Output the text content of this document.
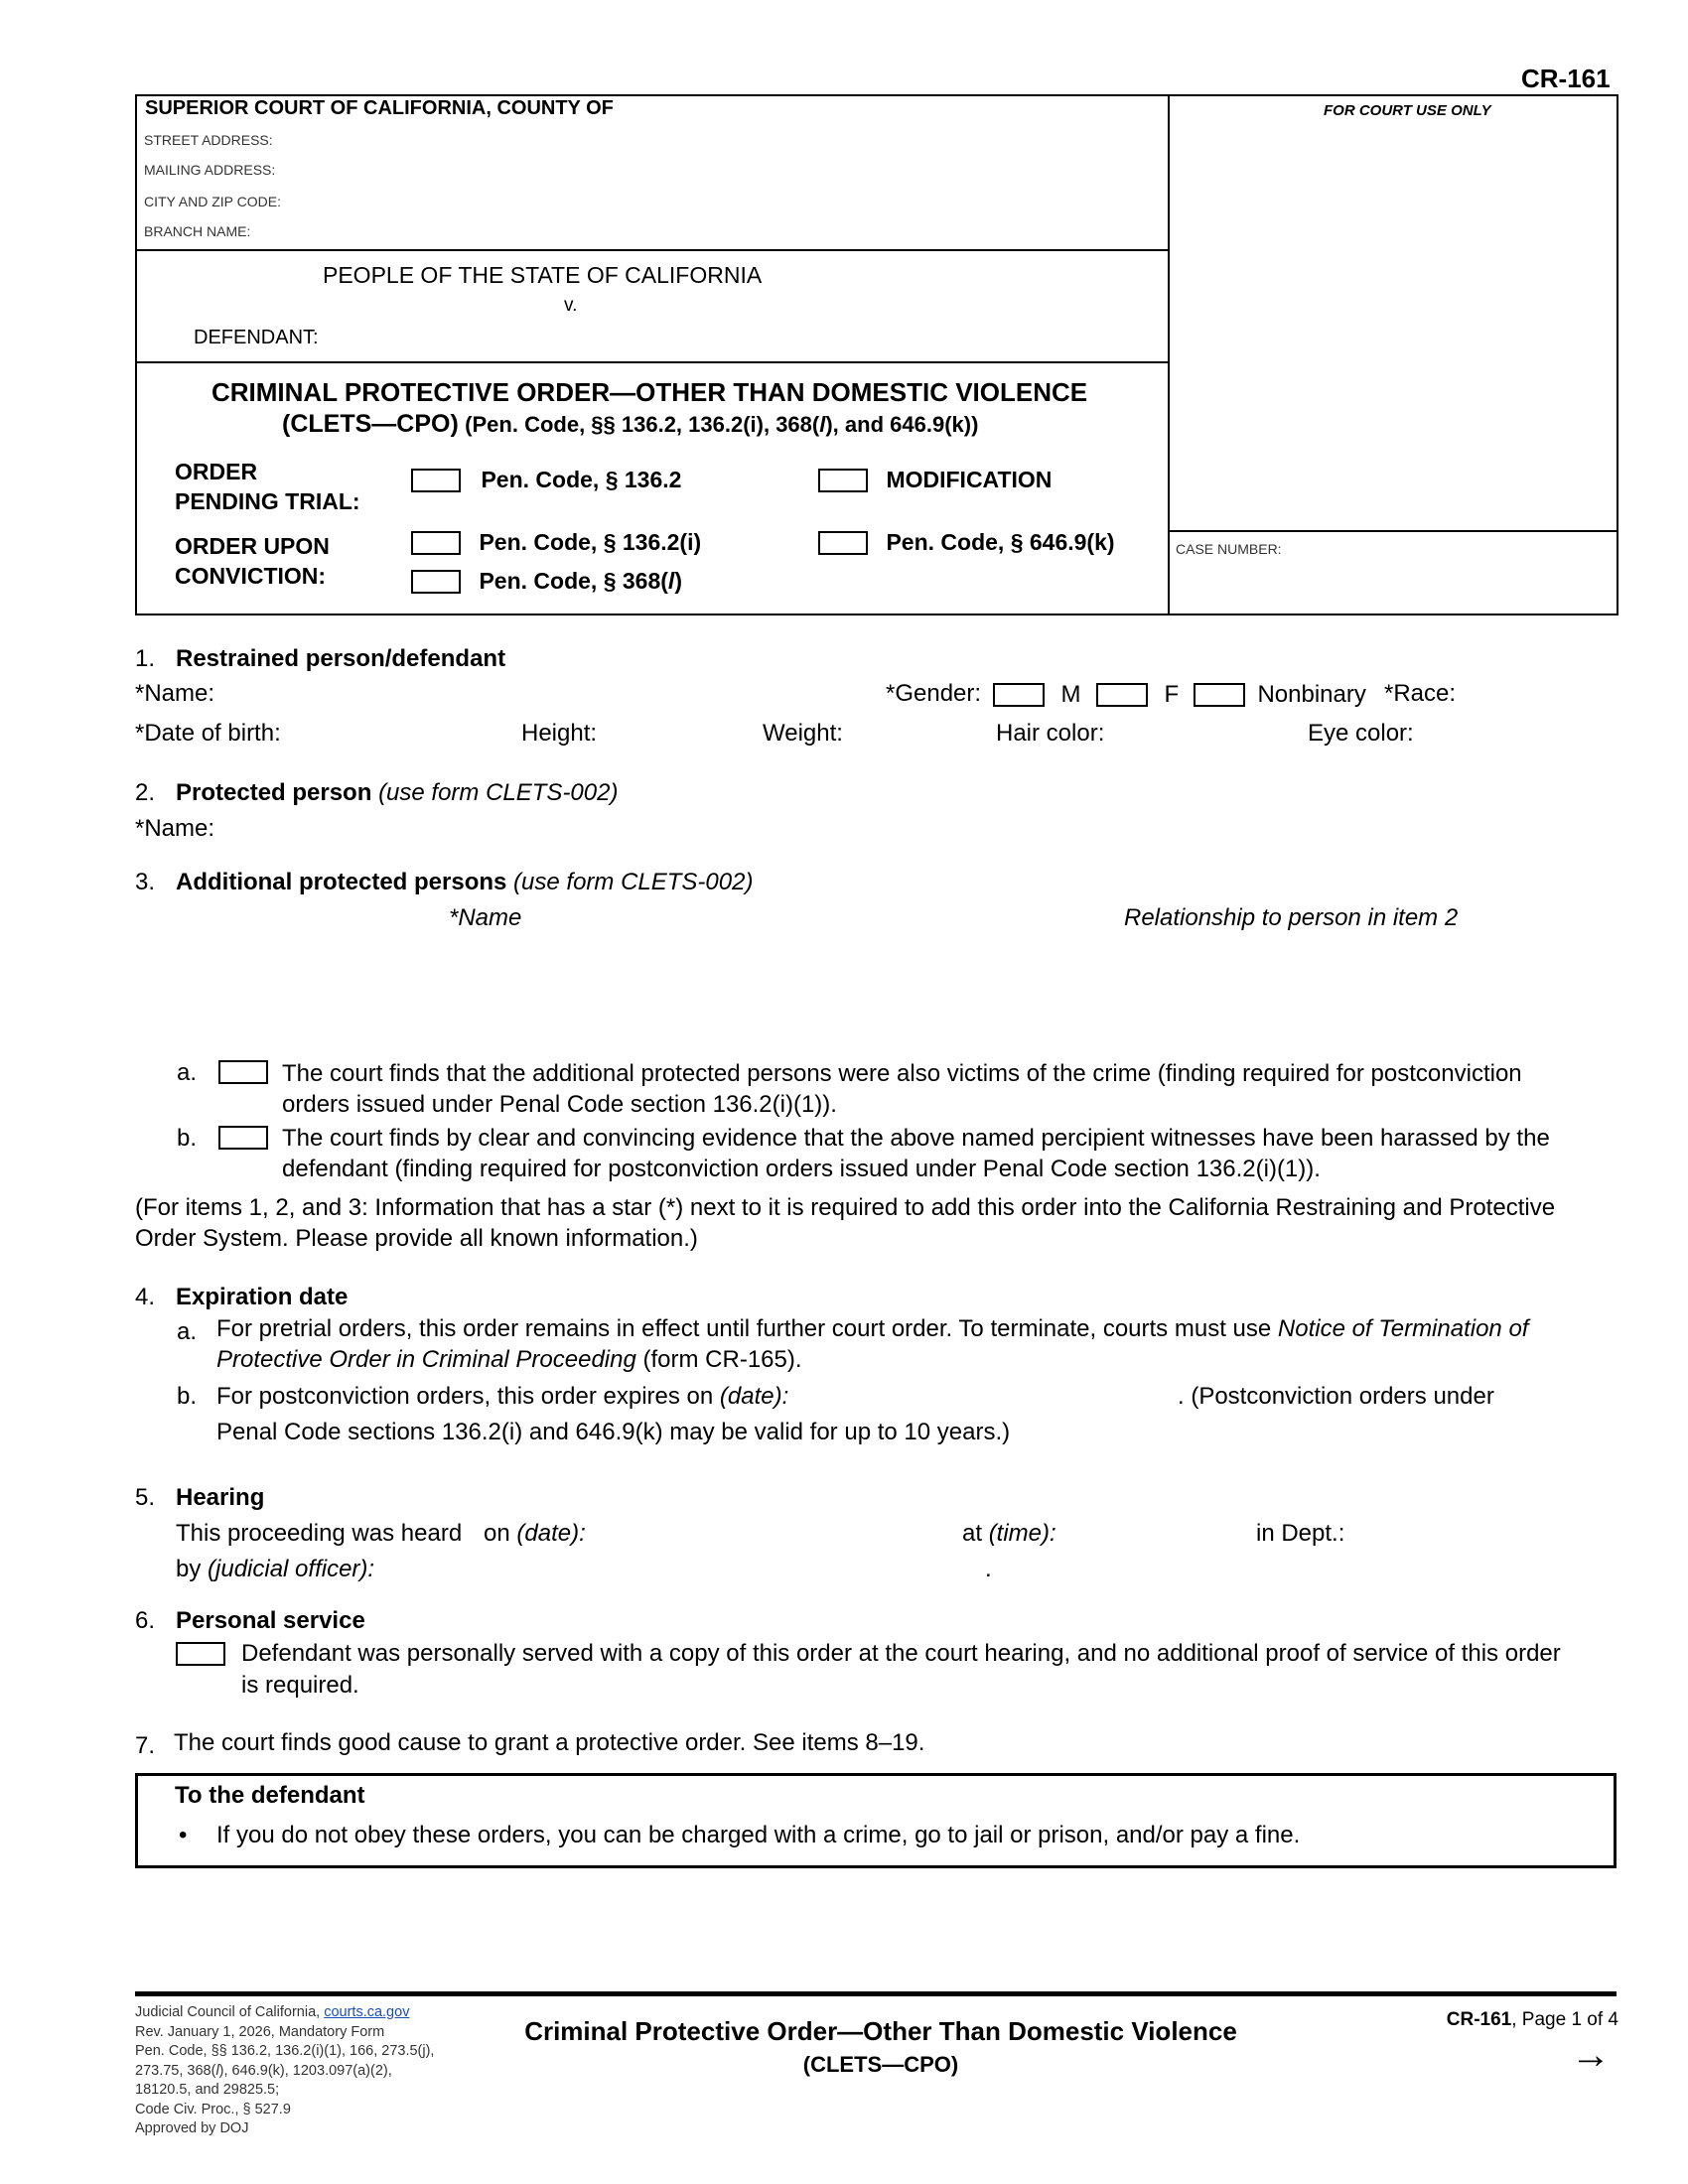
CR-161
SUPERIOR COURT OF CALIFORNIA, COUNTY OF
STREET ADDRESS:
MAILING ADDRESS:
CITY AND ZIP CODE:
BRANCH NAME:
PEOPLE OF THE STATE OF CALIFORNIA
v.
DEFENDANT:
FOR COURT USE ONLY
CASE NUMBER:
CRIMINAL PROTECTIVE ORDER—OTHER THAN DOMESTIC VIOLENCE
(CLETS—CPO) (Pen. Code, §§ 136.2, 136.2(i), 368(l), and 646.9(k))
ORDER
PENDING TRIAL:
Pen. Code, § 136.2	MODIFICATION
ORDER UPON
CONVICTION:
Pen. Code, § 136.2(i)	Pen. Code, § 646.9(k)
Pen. Code, § 368(l)
1. Restrained person/defendant
*Name:	*Gender:	M	F	Nonbinary *Race:
*Date of birth:	Height:	Weight:	Hair color:	Eye color:
2. Protected person (use form CLETS-002)
*Name:
3. Additional protected persons (use form CLETS-002)
*Name	Relationship to person in item 2
a.	The court finds that the additional protected persons were also victims of the crime (finding required for postconviction
orders issued under Penal Code section 136.2(i)(1)).
b.	The court finds by clear and convincing evidence that the above named percipient witnesses have been harassed by the
defendant (finding required for postconviction orders issued under Penal Code section 136.2(i)(1)).
(For items 1, 2, and 3: Information that has a star (*) next to it is required to add this order into the California Restraining and Protective
Order System. Please provide all known information.)
4. Expiration date
a. For pretrial orders, this order remains in effect until further court order. To terminate, courts must use Notice of Termination of
Protective Order in Criminal Proceeding (form CR-165).
b. For postconviction orders, this order expires on (date):	. (Postconviction orders under
Penal Code sections 136.2(i) and 646.9(k) may be valid for up to 10 years.)
5. Hearing
This proceeding was heard on (date):	at (time):	in Dept.:
by (judicial officer):	.
6. Personal service
Defendant was personally served with a copy of this order at the court hearing, and no additional proof of service of this order
is required.
7. The court finds good cause to grant a protective order. See items 8–19.
To the defendant
• If you do not obey these orders, you can be charged with a crime, go to jail or prison, and/or pay a fine.
Judicial Council of California, courts.ca.gov
Rev. January 1, 2026, Mandatory Form
Pen. Code, §§ 136.2, 136.2(i)(1), 166, 273.5(j),
273.75, 368(l), 646.9(k), 1203.097(a)(2),
18120.5, and 29825.5;
Code Civ. Proc., § 527.9
Approved by DOJ
Criminal Protective Order—Other Than Domestic Violence
(CLETS—CPO)
CR-161, Page 1 of 4
→
